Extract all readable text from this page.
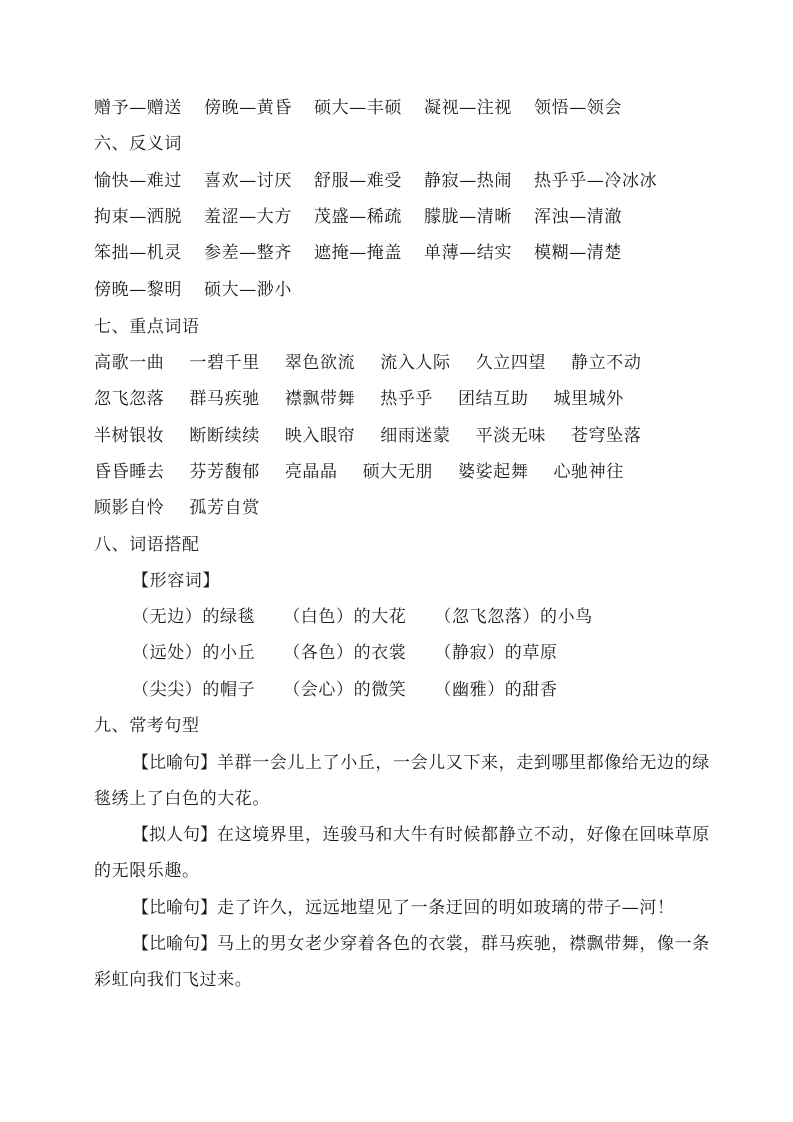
赠予—赠送 傍晚—黄昏 硕大—丰硕 凝视—注视 领悟—领会
六、反义词
愉快—难过 喜欢—讨厌 舒服—难受 静寂—热闹 热乎乎—冷冰冰
拘束—洒脱 羞涩—大方 茂盛—稀疏 朦胧—清晰 浑浊—清澈
笨拙—机灵 参差—整齐 遮掩—掩盖 单薄—结实 模糊—清楚
傍晚—黎明 硕大—渺小
七、重点词语
高歌一曲 一碧千里 翠色欲流 流入人际 久立四望 静立不动
忽飞忽落 群马疾驰 襟飘带舞 热乎乎 团结互助 城里城外
半树银妆 断断续续 映入眼帘 细雨迷蒙 平淡无味 苍穹坠落
昏昏睡去 芬芳馥郁 亮晶晶 硕大无朋 婆娑起舞 心驰神往
顾影自怜 孤芳自赏
八、词语搭配
【形容词】
（无边）的绿毯 （白色）的大花 （忽飞忽落）的小鸟
（远处）的小丘 （各色）的衣裳 （静寂）的草原
（尖尖）的帽子 （会心）的微笑 （幽雅）的甜香
九、常考句型
【比喻句】羊群一会儿上了小丘，一会儿又下来，走到哪里都像给无边的绿毯绣上了白色的大花。
【拟人句】在这境界里，连骏马和大牛有时候都静立不动，好像在回味草原的无限乐趣。
【比喻句】走了许久，远远地望见了一条迂回的明如玻璃的带子—河！
【比喻句】马上的男女老少穿着各色的衣裳，群马疾驰，襟飘带舞，像一条彩虹向我们飞过来。
